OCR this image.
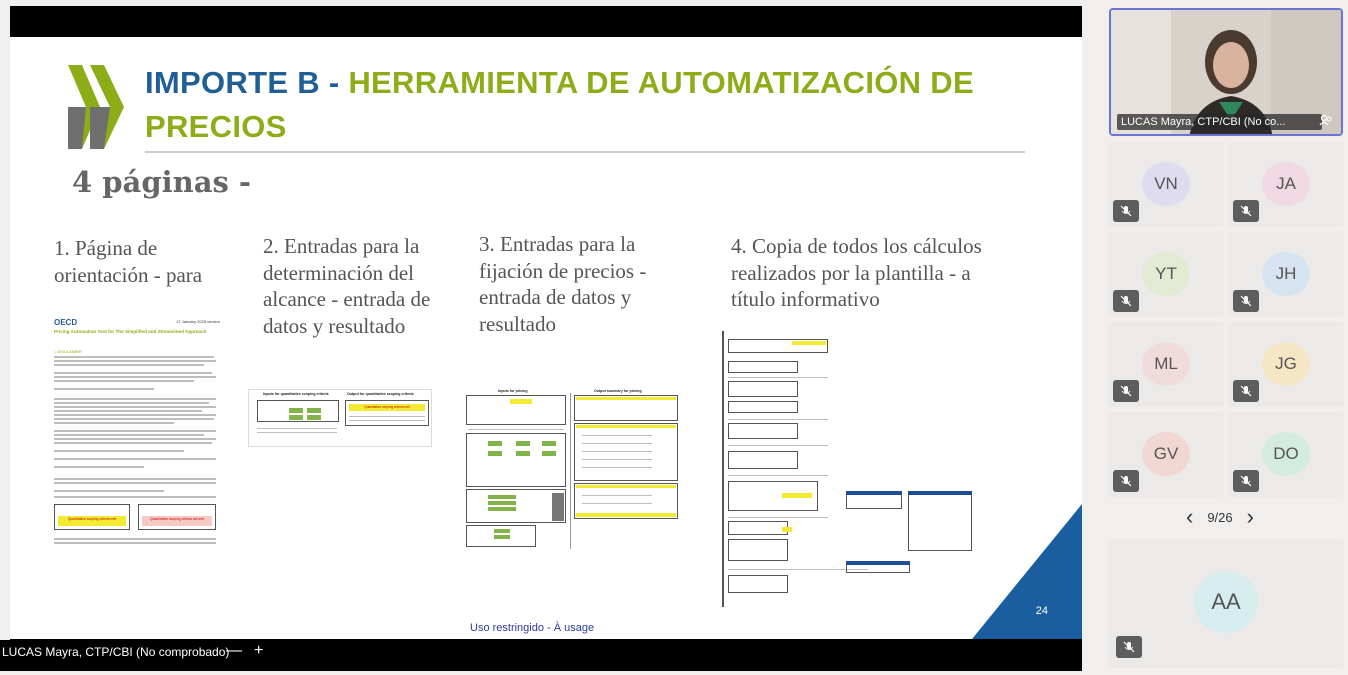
IMPORTE B - HERRAMIENTA DE AUTOMATIZACIÓN DE PRECIOS
4 páginas -
1. Página de orientación - para
2. Entradas para la determinación del alcance - entrada de datos y resultado
3. Entradas para la fijación de precios - entrada de datos y resultado
4. Copia de todos los cálculos realizados por la plantilla - a título informativo
17 January 2025 version
OECD
Pricing Automation Tool for The Simplified and Streamlined Approach
I. DISCLAIMER
Quantitative scoping criteria met	Quantitative scoping criteria not met
Inputs for quantitative scoping criteria	Output for quantitative scoping criteria
Quantitative scoping criteria met
Inputs for pricing	Output summary for pricing
24
Uso restringido - À usage
LUCAS Mayra, CTP/CBI (No comprobado)
— +
LUCAS Mayra, CTP/CBI (No co...
‹ 9/26 ›
AA
VN	JA
YT	JH
ML	JG
GV	DO
